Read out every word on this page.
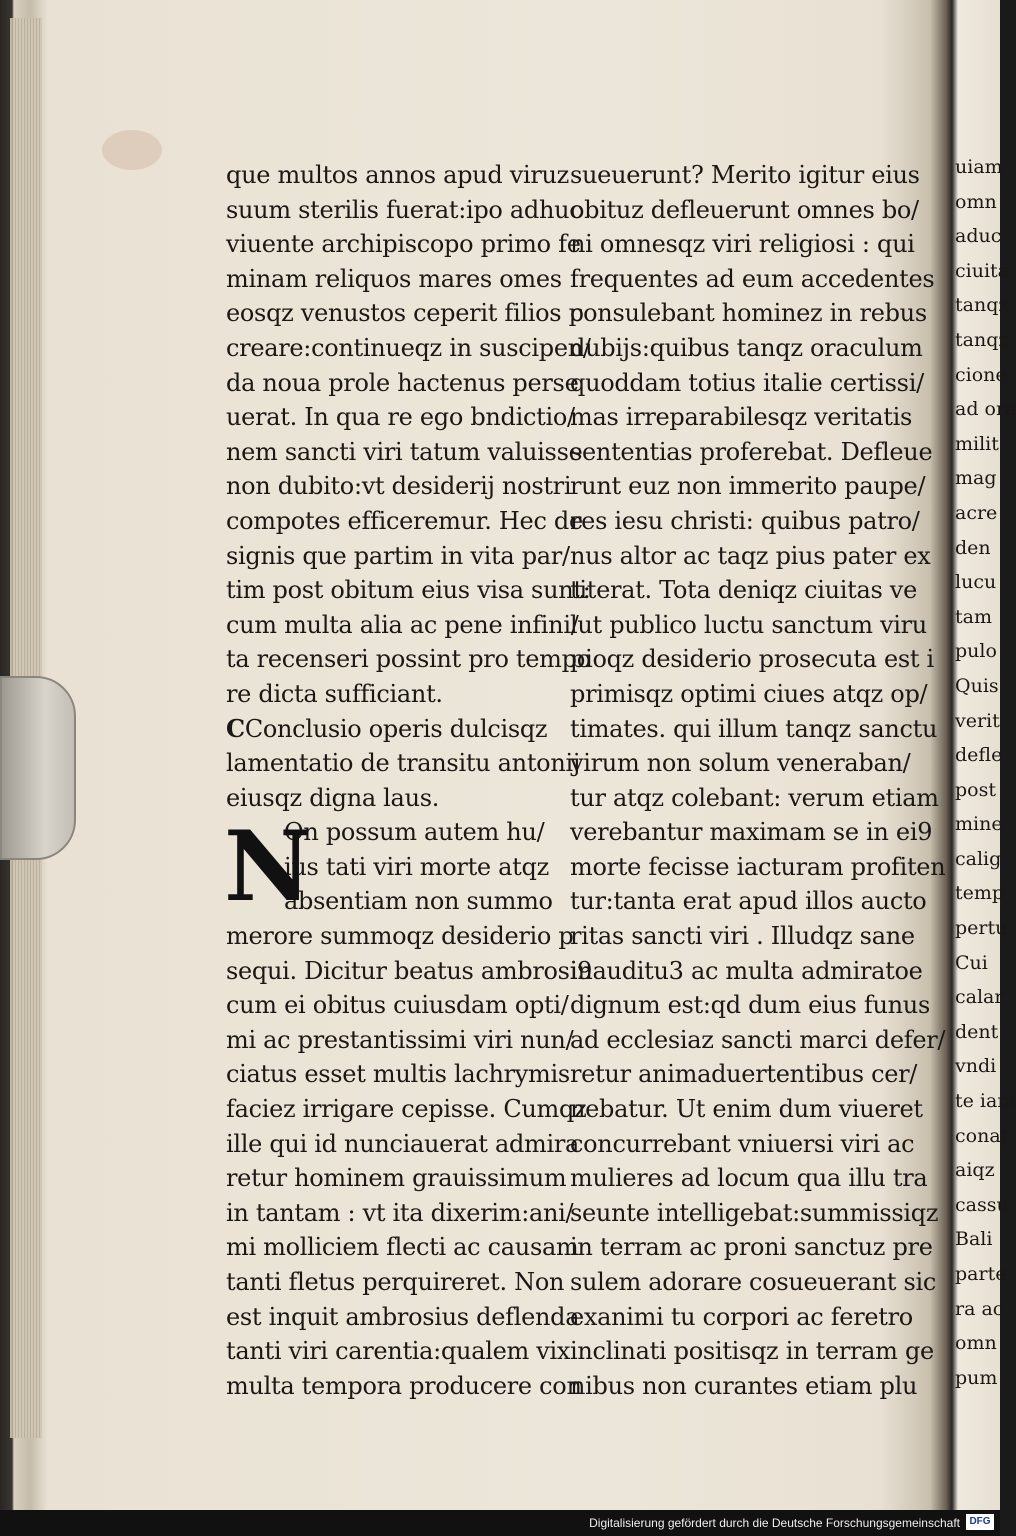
que multos annos apud viruz
suum sterilis fuerat:ipo adhuc
viuente archipiscopo primo fe
minam reliquos mares omes
eosqz venustos ceperit filios p
creare:continueqz in suscipen/
da noua prole hactenus perse
uerat. In qua re ego bndictio/
nem sancti viri tatum valuisse
non dubito:vt desiderij nostri
compotes efficeremur. Hec de
signis que partim in vita par/
tim post obitum eius visa sunt:
cum multa alia ac pene infini/
ta recenseri possint pro tempo
re dicta sufficiant.
CConclusio operis dulcisqz
lamentatio de transitu antonij
eiusqz digna laus.
N
On possum autem hu/
ius tati viri morte atqz
absentiam non summo
merore summoqz desiderio p
sequi. Dicitur beatus ambrosi9
cum ei obitus cuiusdam opti/
mi ac prestantissimi viri nun/
ciatus esset multis lachrymis
faciez irrigare cepisse. Cumqz
ille qui id nunciauerat admira
retur hominem grauissimum
in tantam : vt ita dixerim:ani/
mi molliciem flecti ac causam
tanti fletus perquireret. Non
est inquit ambrosius deflenda
tanti viri carentia:qualem vix
multa tempora producere con
sueuerunt? Merito igitur eius
obituz defleuerunt omnes bo/
ni omnesqz viri religiosi : qui
frequentes ad eum accedentes
consulebant hominez in rebus
dubijs:quibus tanqz oraculum
quoddam totius italie certissi/
mas irreparabilesqz veritatis
sententias proferebat. Defleue
runt euz non immerito paupe/
res iesu christi: quibus patro/
nus altor ac taqz pius pater ex
titerat. Tota deniqz ciuitas ve
lut publico luctu sanctum viru
pioqz desiderio prosecuta est i
primisqz optimi ciues atqz op/
timates. qui illum tanqz sanctu
virum non solum veneraban/
tur atqz colebant: verum etiam
verebantur maximam se in ei9
morte fecisse iacturam profiten
tur:tanta erat apud illos aucto
ritas sancti viri . Illudqz sane
inauditu3 ac multa admiratoe
dignum est:qd dum eius funus
ad ecclesiaz sancti marci defer/
retur animaduertentibus cer/
nebatur. Ut enim dum viueret
concurrebant vniuersi viri ac
mulieres ad locum qua illu tra
seunte intelligebat:summissiqz
in terram ac proni sanctuz pre
sulem adorare cosueuerant sic
exanimi tu corpori ac feretro
inclinati positisqz in terram ge
nibus non curantes etiam plu
uiam
omn
aduc
ciuita
tanqz
tanqz
cione
ad ora
milit
mag
acre
den
lucu
tam
pulo
Quis
verit
defle
post
mine
calig
temp
pertu
Cui
calar
dent
vndi
te iam
conat
aiqz
cassu
Bali
parte
ra ac
omn
pum
Digitalisierung gefördert durch die Deutsche Forschungsgemeinschaft DFG
